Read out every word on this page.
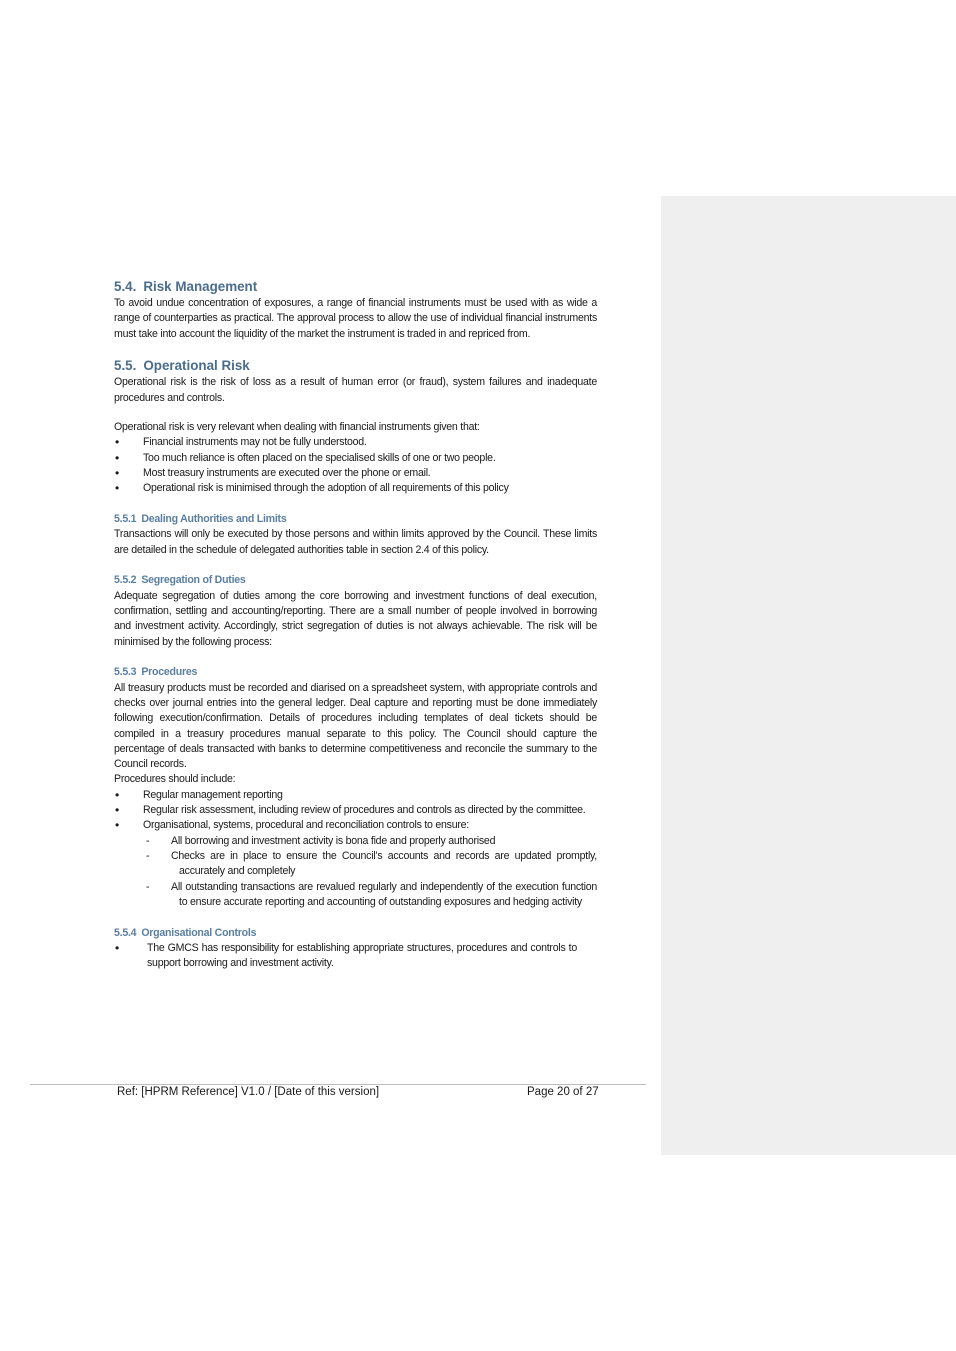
5.4. Risk Management

To avoid undue concentration of exposures, a range of financial instruments must be used with as wide a range of counterparties as practical. The approval process to allow the use of individual financial instruments must take into account the liquidity of the market the instrument is traded in and repriced from.

5.5. Operational Risk

Operational risk is the risk of loss as a result of human error (or fraud), system failures and inadequate procedures and controls.

Operational risk is very relevant when dealing with financial instruments given that:

• Financial instruments may not be fully understood.
• Too much reliance is often placed on the specialised skills of one or two people.
• Most treasury instruments are executed over the phone or email.
• Operational risk is minimised through the adoption of all requirements of this policy
5.5.1 Dealing Authorities and Limits

Transactions will only be executed by those persons and within limits approved by the Council. These limits are detailed in the schedule of delegated authorities table in section 2.4 of this policy.

5.5.2 Segregation of Duties

Adequate segregation of duties among the core borrowing and investment functions of deal execution, confirmation, settling and accounting/reporting. There are a small number of people involved in borrowing and investment activity. Accordingly, strict segregation of duties is not always achievable. The risk will be minimised by the following process:

5.5.3 Procedures

All treasury products must be recorded and diarised on a spreadsheet system, with appropriate controls and checks over journal entries into the general ledger. Deal capture and reporting must be done immediately following execution/confirmation. Details of procedures including templates of deal tickets should be compiled in a treasury procedures manual separate to this policy. The Council should capture the percentage of deals transacted with banks to determine competitiveness and reconcile the summary to the Council records.

Procedures should include:

• Regular management reporting
• Regular risk assessment, including review of procedures and controls as directed by the committee.
• Organisational, systems, procedural and reconciliation controls to ensure:
- All borrowing and investment activity is bona fide and properly authorised
- Checks are in place to ensure the Council’s accounts and records are updated promptly, accurately and completely
- All outstanding transactions are revalued regularly and independently of the execution function to ensure accurate reporting and accounting of outstanding exposures and hedging activity
5.5.4 Organisational Controls
• The GMCS has responsibility for establishing appropriate structures, procedures and controls to support borrowing and investment activity.
Ref: [HPRM Reference] V1.0 / [Date of this version]	Page 20 of 27
